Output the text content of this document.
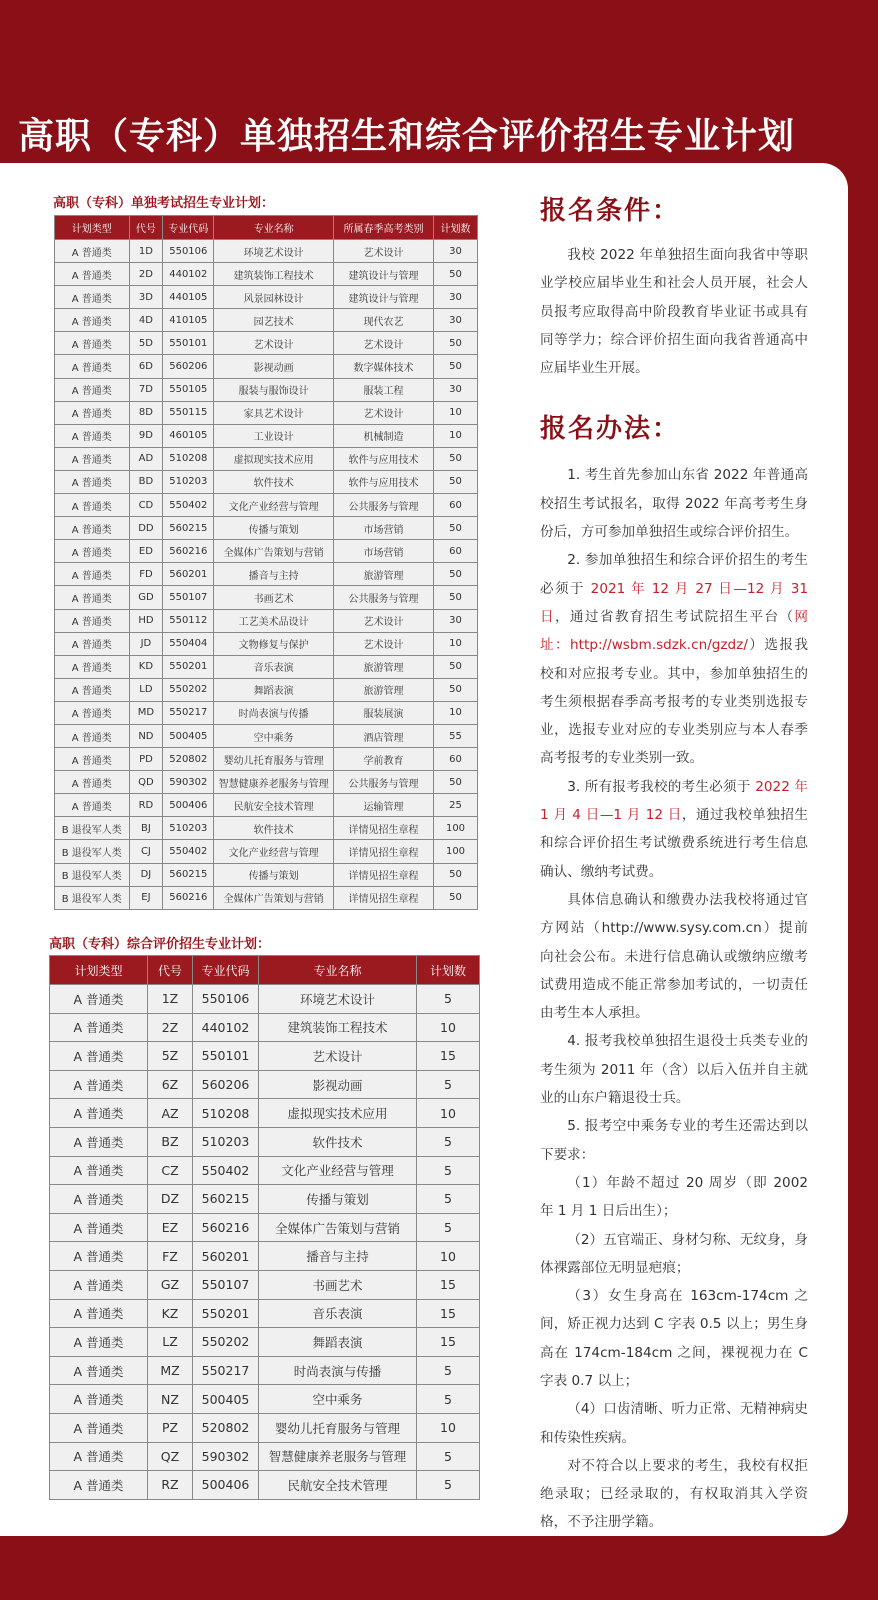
高职（专科）单独招生和综合评价招生专业计划
高职（专科）单独考试招生专业计划：
计划类型	代号	专业代码	专业名称	所属春季高考类别	计划数
A 普通类	1D	550106	环境艺术设计	艺术设计	30
A 普通类	2D	440102	建筑装饰工程技术	建筑设计与管理	50
A 普通类	3D	440105	风景园林设计	建筑设计与管理	30
A 普通类	4D	410105	园艺技术	现代农艺	30
A 普通类	5D	550101	艺术设计	艺术设计	50
A 普通类	6D	560206	影视动画	数字媒体技术	50
A 普通类	7D	550105	服装与服饰设计	服装工程	30
A 普通类	8D	550115	家具艺术设计	艺术设计	10
A 普通类	9D	460105	工业设计	机械制造	10
A 普通类	AD	510208	虚拟现实技术应用	软件与应用技术	50
A 普通类	BD	510203	软件技术	软件与应用技术	50
A 普通类	CD	550402	文化产业经营与管理	公共服务与管理	60
A 普通类	DD	560215	传播与策划	市场营销	50
A 普通类	ED	560216	全媒体广告策划与营销	市场营销	60
A 普通类	FD	560201	播音与主持	旅游管理	50
A 普通类	GD	550107	书画艺术	公共服务与管理	50
A 普通类	HD	550112	工艺美术品设计	艺术设计	30
A 普通类	JD	550404	文物修复与保护	艺术设计	10
A 普通类	KD	550201	音乐表演	旅游管理	50
A 普通类	LD	550202	舞蹈表演	旅游管理	50
A 普通类	MD	550217	时尚表演与传播	服装展演	10
A 普通类	ND	500405	空中乘务	酒店管理	55
A 普通类	PD	520802	婴幼儿托育服务与管理	学前教育	60
A 普通类	QD	590302	智慧健康养老服务与管理	公共服务与管理	50
A 普通类	RD	500406	民航安全技术管理	运输管理	25
B 退役军人类	BJ	510203	软件技术	详情见招生章程	100
B 退役军人类	CJ	550402	文化产业经营与管理	详情见招生章程	100
B 退役军人类	DJ	560215	传播与策划	详情见招生章程	50
B 退役军人类	EJ	560216	全媒体广告策划与营销	详情见招生章程	50
高职（专科）综合评价招生专业计划：
计划类型	代号	专业代码	专业名称	计划数
A 普通类	1Z	550106	环境艺术设计	5
A 普通类	2Z	440102	建筑装饰工程技术	10
A 普通类	5Z	550101	艺术设计	15
A 普通类	6Z	560206	影视动画	5
A 普通类	AZ	510208	虚拟现实技术应用	10
A 普通类	BZ	510203	软件技术	5
A 普通类	CZ	550402	文化产业经营与管理	5
A 普通类	DZ	560215	传播与策划	5
A 普通类	EZ	560216	全媒体广告策划与营销	5
A 普通类	FZ	560201	播音与主持	10
A 普通类	GZ	550107	书画艺术	15
A 普通类	KZ	550201	音乐表演	15
A 普通类	LZ	550202	舞蹈表演	15
A 普通类	MZ	550217	时尚表演与传播	5
A 普通类	NZ	500405	空中乘务	5
A 普通类	PZ	520802	婴幼儿托育服务与管理	10
A 普通类	QZ	590302	智慧健康养老服务与管理	5
A 普通类	RZ	500406	民航安全技术管理	5
报名条件：

我校 2022 年单独招生面向我省中等职业学校应届毕业生和社会人员开展，社会人员报考应取得高中阶段教育毕业证书或具有同等学力；综合评价招生面向我省普通高中应届毕业生开展。

报名办法：

1. 考生首先参加山东省 2022 年普通高校招生考试报名，取得 2022 年高考考生身份后，方可参加单独招生或综合评价招生。

2. 参加单独招生和综合评价招生的考生必须于 2021 年 12 月 27 日—12 月 31 日，通过省教育招生考试院招生平台（网址：http://wsbm.sdzk.cn/gzdz/）选报我校和对应报考专业。其中，参加单独招生的考生须根据春季高考报考的专业类别选报专业，选报专业对应的专业类别应与本人春季高考报考的专业类别一致。

3. 所有报考我校的考生必须于 2022 年 1 月 4 日—1 月 12 日，通过我校单独招生和综合评价招生考试缴费系统进行考生信息确认、缴纳考试费。

具体信息确认和缴费办法我校将通过官方网站（http://www.sysy.com.cn）提前向社会公布。未进行信息确认或缴纳应缴考试费用造成不能正常参加考试的，一切责任由考生本人承担。

4. 报考我校单独招生退役士兵类专业的考生须为 2011 年（含）以后入伍并自主就业的山东户籍退役士兵。

5. 报考空中乘务专业的考生还需达到以下要求：

（1）年龄不超过 20 周岁（即 2002 年 1 月 1 日后出生）；

（2）五官端正、身材匀称、无纹身，身体裸露部位无明显疤痕；

（3）女生身高在 163cm-174cm 之间，矫正视力达到 C 字表 0.5 以上；男生身高在 174cm-184cm 之间，裸视视力在 C 字表 0.7 以上；

（4）口齿清晰、听力正常、无精神病史和传染性疾病。

对不符合以上要求的考生，我校有权拒绝录取；已经录取的，有权取消其入学资格，不予注册学籍。
